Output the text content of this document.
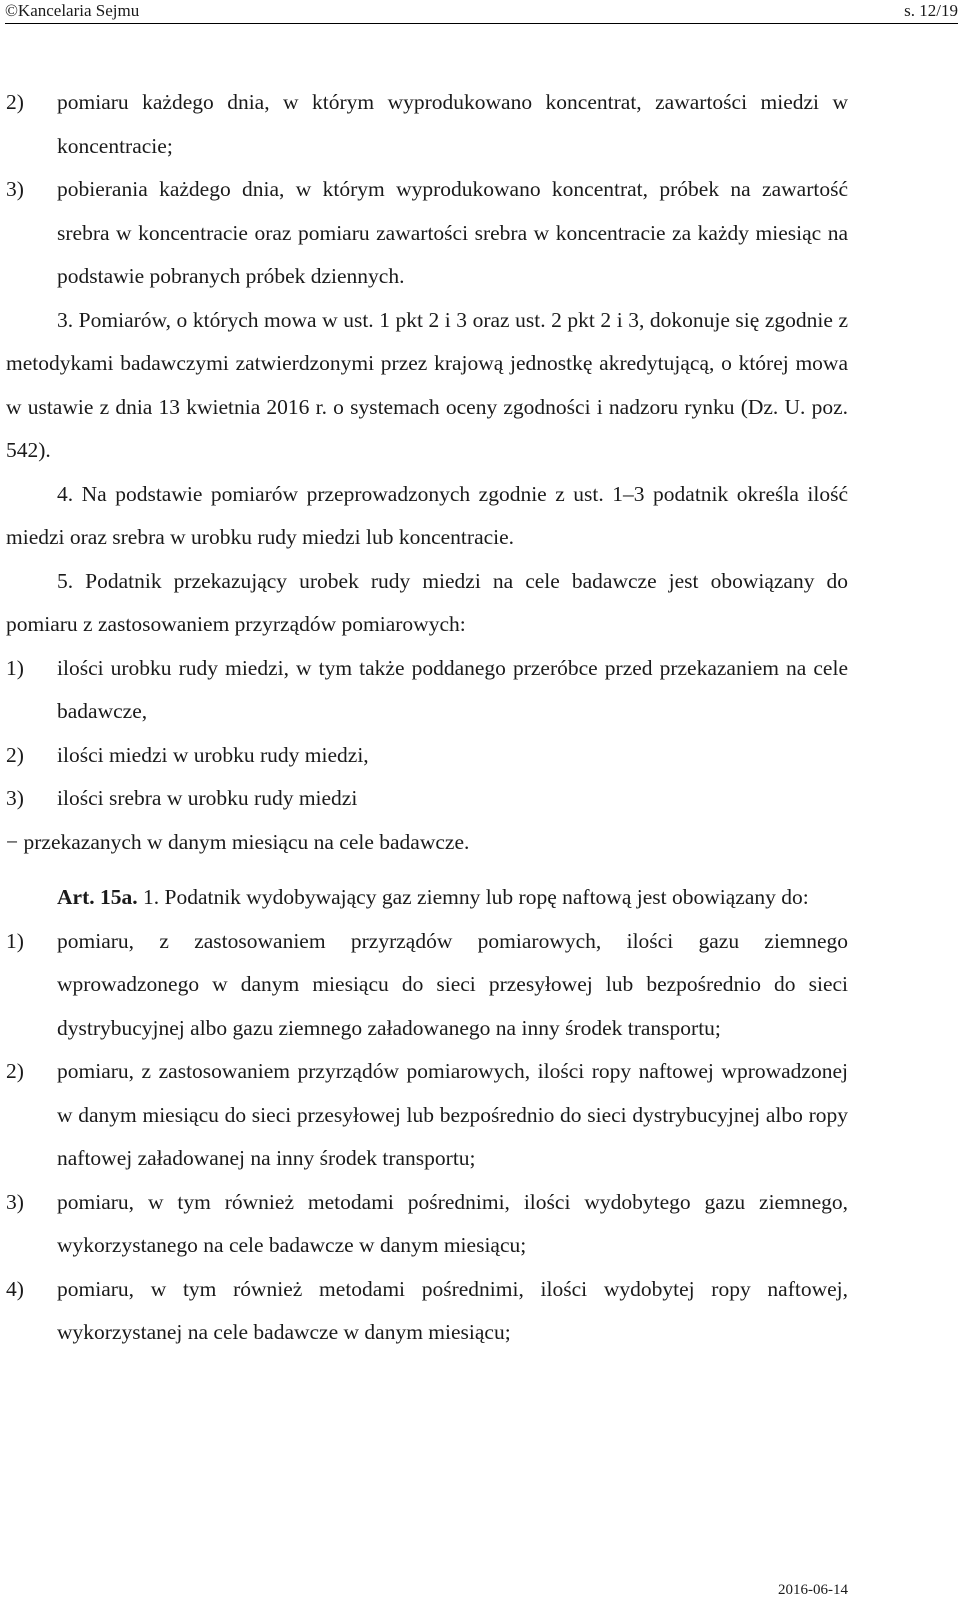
©Kancelaria Sejmu	s. 12/19
2)	pomiaru każdego dnia, w którym wyprodukowano koncentrat, zawartości miedzi w koncentracie;
3)	pobierania każdego dnia, w którym wyprodukowano koncentrat, próbek na zawartość srebra w koncentracie oraz pomiaru zawartości srebra w koncentracie za każdy miesiąc na podstawie pobranych próbek dziennych.

3. Pomiarów, o których mowa w ust. 1 pkt 2 i 3 oraz ust. 2 pkt 2 i 3, dokonuje się zgodnie z metodykami badawczymi zatwierdzonymi przez krajową jednostkę akredytującą, o której mowa w ustawie z dnia 13 kwietnia 2016 r. o systemach oceny zgodności i nadzoru rynku (Dz. U. poz. 542).

4. Na podstawie pomiarów przeprowadzonych zgodnie z ust. 1–3 podatnik określa ilość miedzi oraz srebra w urobku rudy miedzi lub koncentracie.

5. Podatnik przekazujący urobek rudy miedzi na cele badawcze jest obowiązany do pomiaru z zastosowaniem przyrządów pomiarowych:

1)	ilości urobku rudy miedzi, w tym także poddanego przeróbce przed przekazaniem na cele badawcze,
2)	ilości miedzi w urobku rudy miedzi,
3)	ilości srebra w urobku rudy miedzi

− przekazanych w danym miesiącu na cele badawcze.

Art. 15a. 1. Podatnik wydobywający gaz ziemny lub ropę naftową jest obowiązany do:

1)	pomiaru, z zastosowaniem przyrządów pomiarowych, ilości gazu ziemnego wprowadzonego w danym miesiącu do sieci przesyłowej lub bezpośrednio do sieci dystrybucyjnej albo gazu ziemnego załadowanego na inny środek transportu;
2)	pomiaru, z zastosowaniem przyrządów pomiarowych, ilości ropy naftowej wprowadzonej w danym miesiącu do sieci przesyłowej lub bezpośrednio do sieci dystrybucyjnej albo ropy naftowej załadowanej na inny środek transportu;
3)	pomiaru, w tym również metodami pośrednimi, ilości wydobytego gazu ziemnego, wykorzystanego na cele badawcze w danym miesiącu;
4)	pomiaru, w tym również metodami pośrednimi, ilości wydobytej ropy naftowej, wykorzystanej na cele badawcze w danym miesiącu;
2016-06-14
